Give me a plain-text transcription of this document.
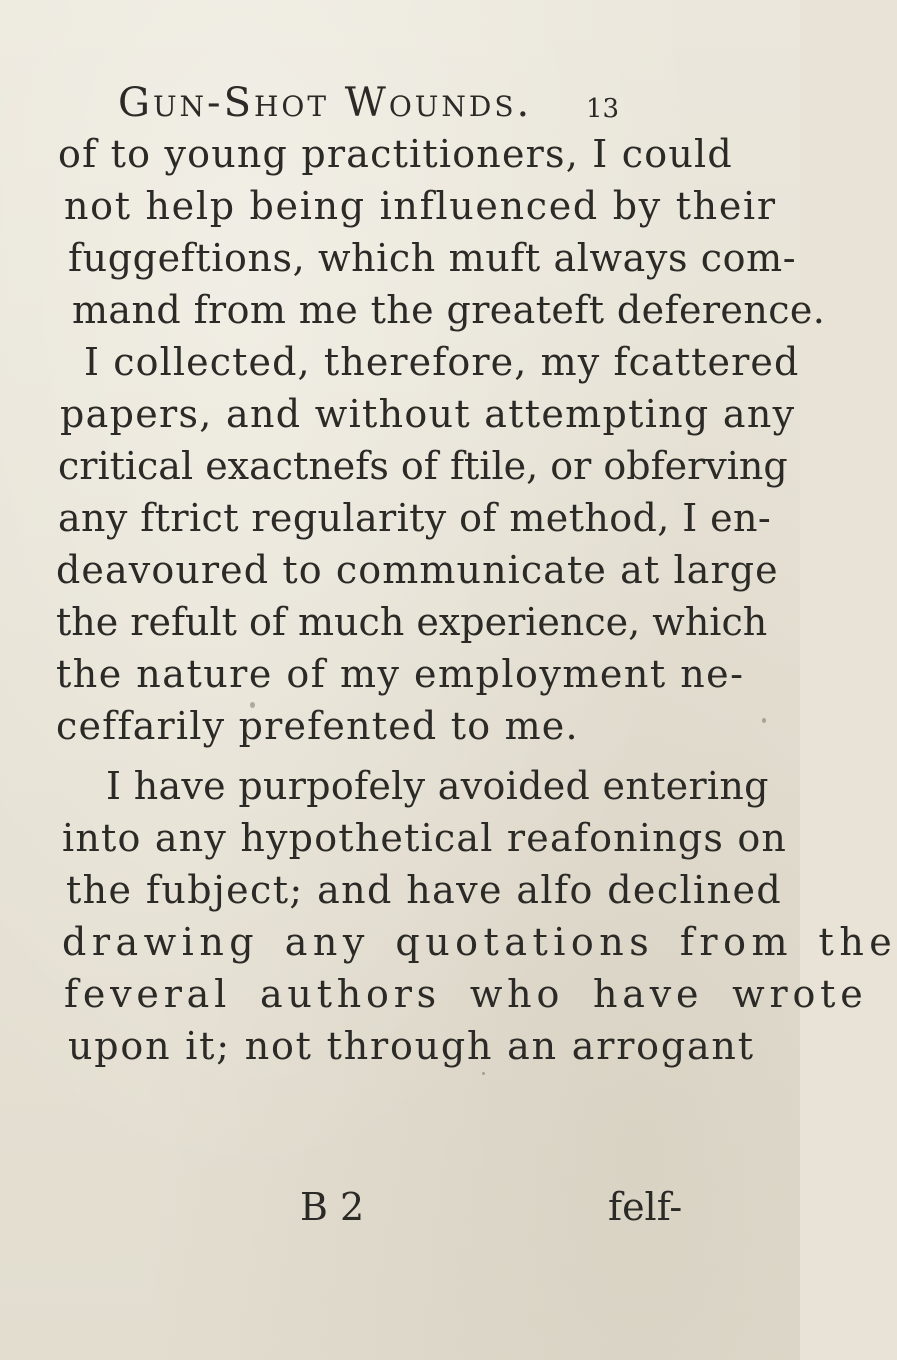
Gun-Shot Wounds. 13
of to young practitioners, I could
not help being influenced by their
fuggeftions, which muft always com-
mand from me the greateft deference.
I collected, therefore, my fcattered
papers, and without attempting any
critical exactnefs of ftile, or obferving
any ftrict regularity of method, I en-
deavoured to communicate at large
the refult of much experience, which
the nature of my employment ne-
ceffarily prefented to me.
I have purpofely avoided entering
into any hypothetical reafonings on
the fubject; and have alfo declined
drawing any quotations from the
feveral authors who have wrote
upon it; not through an arrogant
B 2	felf-
